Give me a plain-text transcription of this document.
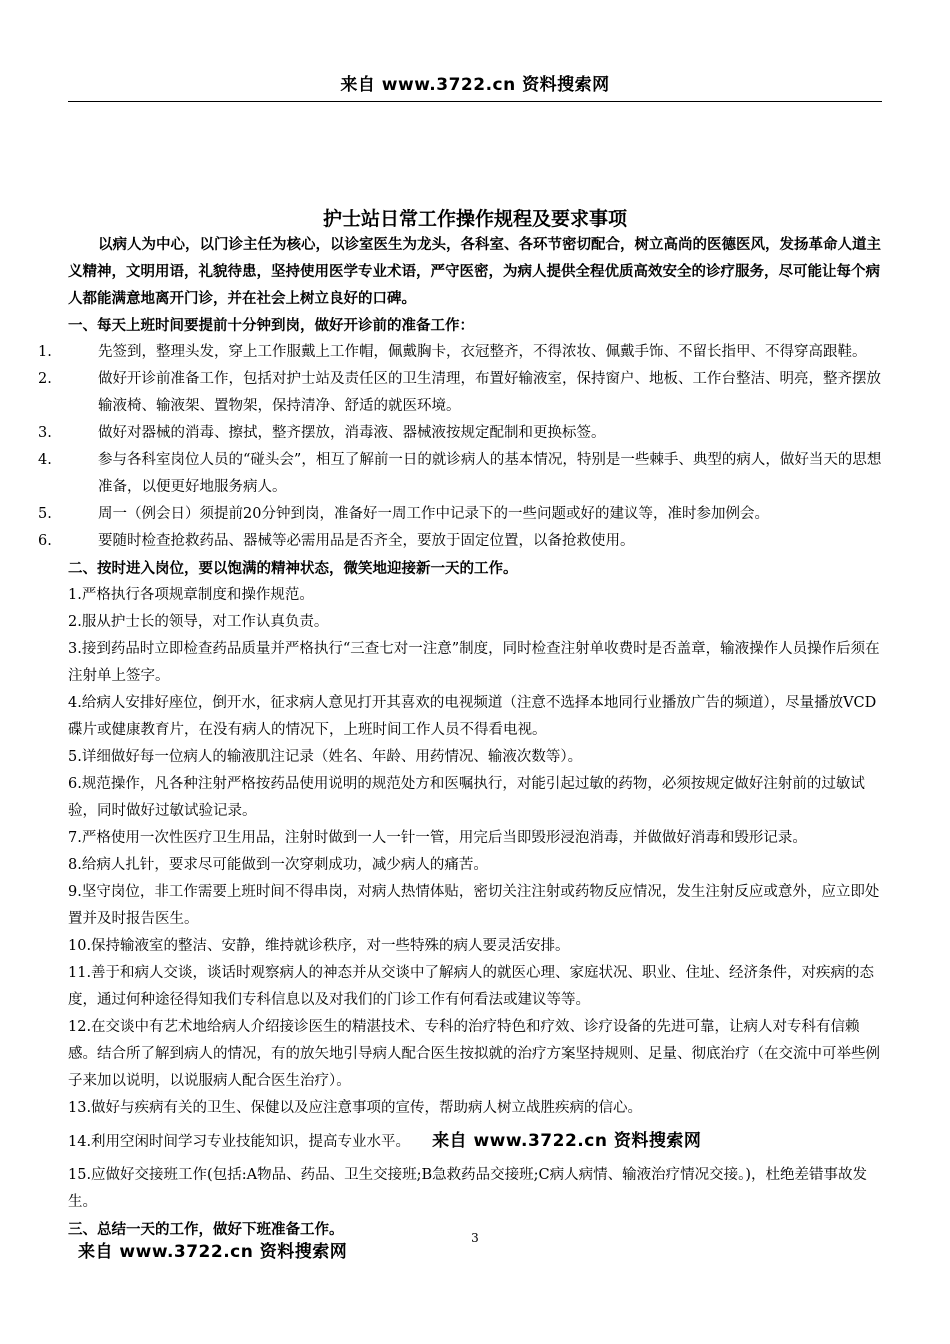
来自 www.3722.cn 资料搜索网
护士站日常工作操作规程及要求事项

以病人为中心，以门诊主任为核心，以诊室医生为龙头，各科室、各环节密切配合，树立高尚的医德医风，发扬革命人道主义精神，文明用语，礼貌待患，坚持使用医学专业术语，严守医密，为病人提供全程优质高效安全的诊疗服务，尽可能让每个病人都能满意地离开门诊，并在社会上树立良好的口碑。

一、每天上班时间要提前十分钟到岗，做好开诊前的准备工作：

1.	先签到，整理头发，穿上工作服戴上工作帽，佩戴胸卡，衣冠整齐，不得浓妆、佩戴手饰、不留长指甲、不得穿高跟鞋。

2.	做好开诊前准备工作，包括对护士站及责任区的卫生清理，布置好输液室，保持窗户、地板、工作台整洁、明亮，整齐摆放输液椅、输液架、置物架，保持清净、舒适的就医环境。

3.	做好对器械的消毒、擦拭，整齐摆放，消毒液、器械液按规定配制和更换标签。

4.	参与各科室岗位人员的“碰头会”，相互了解前一日的就诊病人的基本情况，特别是一些棘手、典型的病人，做好当天的思想准备，以便更好地服务病人。

5.	周一（例会日）须提前20分钟到岗，准备好一周工作中记录下的一些问题或好的建议等，准时参加例会。

6.	要随时检查抢救药品、器械等必需用品是否齐全，要放于固定位置，以备抢救使用。

二、按时进入岗位，要以饱满的精神状态，微笑地迎接新一天的工作。

1.严格执行各项规章制度和操作规范。

2.服从护士长的领导，对工作认真负责。

3.接到药品时立即检查药品质量并严格执行“三查七对一注意”制度，同时检查注射单收费时是否盖章，输液操作人员操作后须在注射单上签字。

4.给病人安排好座位，倒开水，征求病人意见打开其喜欢的电视频道（注意不选择本地同行业播放广告的频道），尽量播放VCD碟片或健康教育片，在没有病人的情况下，上班时间工作人员不得看电视。

5.详细做好每一位病人的输液肌注记录（姓名、年龄、用药情况、输液次数等）。

6.规范操作，凡各种注射严格按药品使用说明的规范处方和医嘱执行，对能引起过敏的药物，必须按规定做好注射前的过敏试验，同时做好过敏试验记录。

7.严格使用一次性医疗卫生用品，注射时做到一人一针一管，用完后当即毁形浸泡消毒，并做做好消毒和毁形记录。

8.给病人扎针，要求尽可能做到一次穿刺成功，减少病人的痛苦。

9.坚守岗位，非工作需要上班时间不得串岗，对病人热情体贴，密切关注注射或药物反应情况，发生注射反应或意外，应立即处置并及时报告医生。

10.保持输液室的整洁、安静，维持就诊秩序，对一些特殊的病人要灵活安排。

11.善于和病人交谈，谈话时观察病人的神态并从交谈中了解病人的就医心理、家庭状况、职业、住址、经济条件，对疾病的态度，通过何种途径得知我们专科信息以及对我们的门诊工作有何看法或建议等等。

12.在交谈中有艺术地给病人介绍接诊医生的精湛技术、专科的治疗特色和疗效、诊疗设备的先进可靠，让病人对专科有信赖感。结合所了解到病人的情况，有的放矢地引导病人配合医生按拟就的治疗方案坚持规则、足量、彻底治疗（在交流中可举些例子来加以说明，以说服病人配合医生治疗）。

13.做好与疾病有关的卫生、保健以及应注意事项的宣传，帮助病人树立战胜疾病的信心。

14.利用空闲时间学习专业技能知识，提高专业水平。 来自 www.3722.cn 资料搜索网

15.应做好交接班工作(包括:A物品、药品、卫生交接班;B急救药品交接班;C病人病情、输液治疗情况交接。)，杜绝差错事故发生。

三、总结一天的工作，做好下班准备工作。	3
来自 www.3722.cn 资料搜索网
